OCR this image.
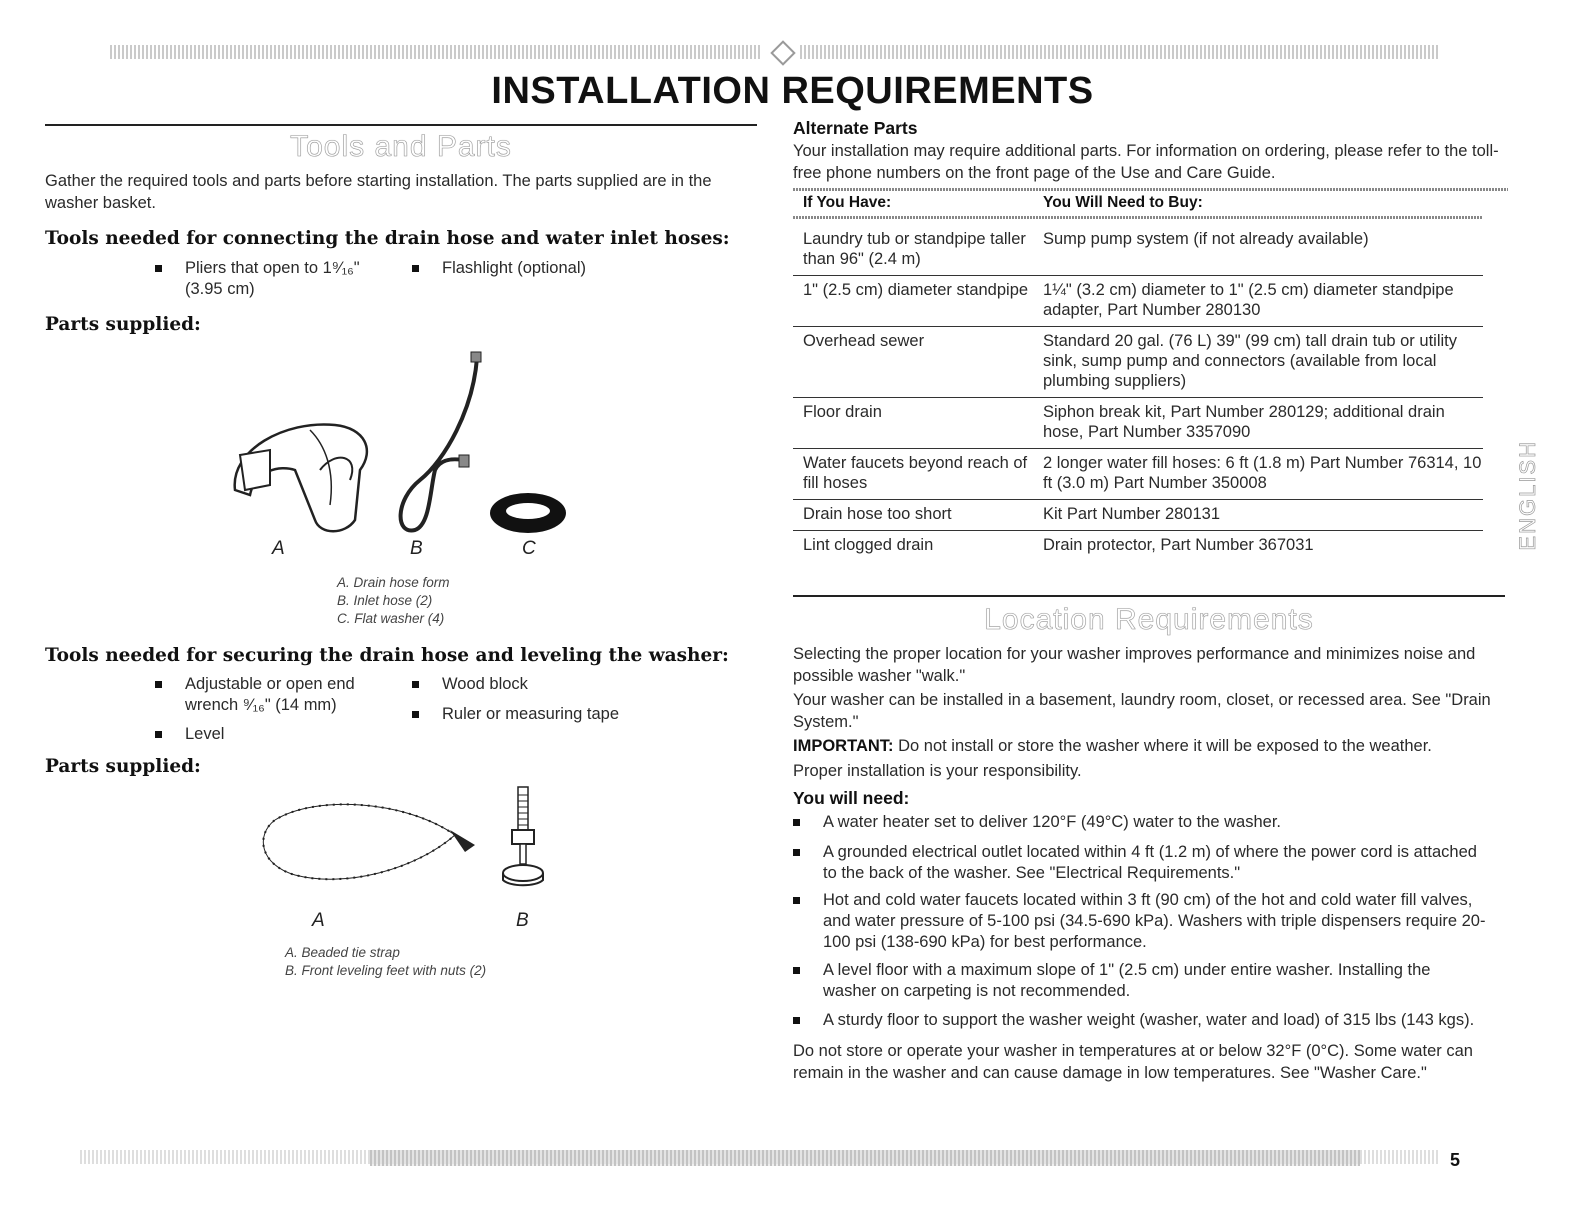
INSTALLATION REQUIREMENTS
Tools and Parts
Gather the required tools and parts before starting installation. The parts supplied are in the washer basket.
Tools needed for connecting the drain hose and water inlet hoses:
Pliers that open to 1⁹⁄₁₆" (3.95 cm)
Flashlight (optional)
Parts supplied:
A	B	C
A. Drain hose form
B. Inlet hose (2)
C. Flat washer (4)
Tools needed for securing the drain hose and leveling the washer:
Adjustable or open end wrench ⁹⁄₁₆" (14 mm)
Level
Wood block
Ruler or measuring tape
Parts supplied:
A	B
A. Beaded tie strap
B. Front leveling feet with nuts (2)
Alternate Parts
Your installation may require additional parts. For information on ordering, please refer to the toll-free phone numbers on the front page of the Use and Care Guide.
If You Have:	You Will Need to Buy:

Laundry tub or standpipe taller than 96" (2.4 m)	Sump pump system (if not already available)
1" (2.5 cm) diameter standpipe	1¼" (3.2 cm) diameter to 1" (2.5 cm) diameter standpipe adapter, Part Number 280130
Overhead sewer	Standard 20 gal. (76 L) 39" (99 cm) tall drain tub or utility sink, sump pump and connectors (available from local plumbing suppliers)
Floor drain	Siphon break kit, Part Number 280129; additional drain hose, Part Number 3357090
Water faucets beyond reach of fill hoses	2 longer water fill hoses: 6 ft (1.8 m) Part Number 76314, 10 ft (3.0 m) Part Number 350008
Drain hose too short	Kit Part Number 280131
Lint clogged drain	Drain protector, Part Number 367031
Location Requirements
Selecting the proper location for your washer improves performance and minimizes noise and possible washer "walk."
Your washer can be installed in a basement, laundry room, closet, or recessed area. See "Drain System."
IMPORTANT: Do not install or store the washer where it will be exposed to the weather.
Proper installation is your responsibility.
You will need:
A water heater set to deliver 120°F (49°C) water to the washer.
A grounded electrical outlet located within 4 ft (1.2 m) of where the power cord is attached to the back of the washer. See "Electrical Requirements."
Hot and cold water faucets located within 3 ft (90 cm) of the hot and cold water fill valves, and water pressure of 5-100 psi (34.5-690 kPa). Washers with triple dispensers require 20-100 psi (138-690 kPa) for best performance.
A level floor with a maximum slope of 1" (2.5 cm) under entire washer. Installing the washer on carpeting is not recommended.
A sturdy floor to support the washer weight (washer, water and load) of 315 lbs (143 kgs).
Do not store or operate your washer in temperatures at or below 32°F (0°C). Some water can remain in the washer and can cause damage in low temperatures. See "Washer Care."
ENGLISH
5
